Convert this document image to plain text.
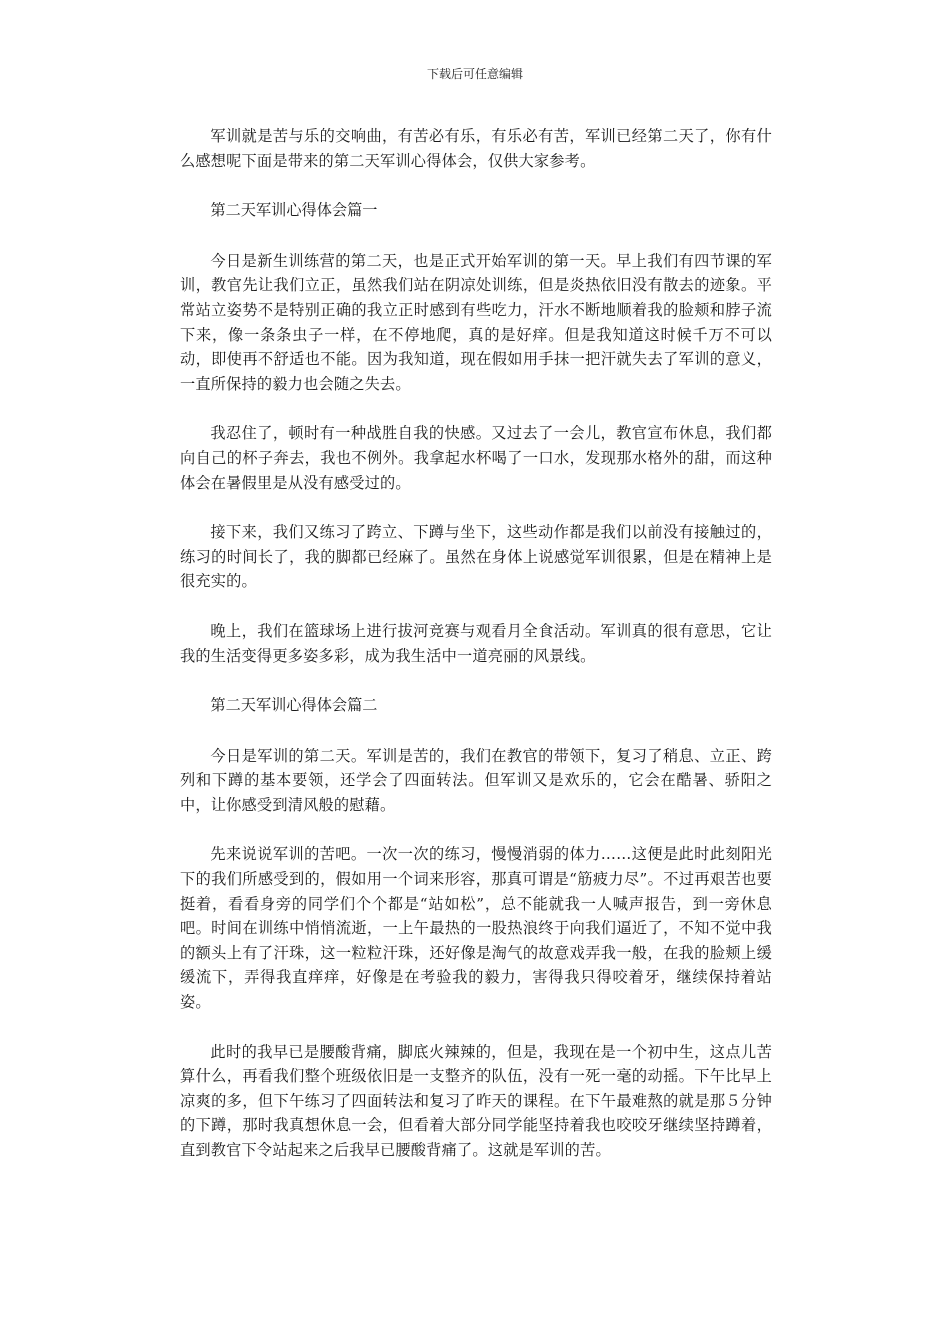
下载后可任意编辑

军训就是苦与乐的交响曲，有苦必有乐，有乐必有苦，军训已经第二天了，你有什么感想呢下面是带来的第二天军训心得体会，仅供大家参考。

第二天军训心得体会篇一

今日是新生训练营的第二天，也是正式开始军训的第一天。早上我们有四节课的军训，教官先让我们立正，虽然我们站在阴凉处训练，但是炎热依旧没有散去的迹象。平常站立姿势不是特别正确的我立正时感到有些吃力，汗水不断地顺着我的脸颊和脖子流下来，像一条条虫子一样，在不停地爬，真的是好痒。但是我知道这时候千万不可以动，即使再不舒适也不能。因为我知道，现在假如用手抹一把汗就失去了军训的意义，一直所保持的毅力也会随之失去。

我忍住了，顿时有一种战胜自我的快感。又过去了一会儿，教官宣布休息，我们都向自己的杯子奔去，我也不例外。我拿起水杯喝了一口水，发现那水格外的甜，而这种体会在暑假里是从没有感受过的。

接下来，我们又练习了跨立、下蹲与坐下，这些动作都是我们以前没有接触过的，练习的时间长了，我的脚都已经麻了。虽然在身体上说感觉军训很累，但是在精神上是很充实的。

晚上，我们在篮球场上进行拔河竞赛与观看月全食活动。军训真的很有意思，它让我的生活变得更多姿多彩，成为我生活中一道亮丽的风景线。

第二天军训心得体会篇二

今日是军训的第二天。军训是苦的，我们在教官的带领下，复习了稍息、立正、跨列和下蹲的基本要领，还学会了四面转法。但军训又是欢乐的，它会在酷暑、骄阳之中，让你感受到清风般的慰藉。

先来说说军训的苦吧。一次一次的练习，慢慢消弱的体力……这便是此时此刻阳光下的我们所感受到的，假如用一个词来形容，那真可谓是“筋疲力尽”。不过再艰苦也要挺着，看看身旁的同学们个个都是“站如松”，总不能就我一人喊声报告，到一旁休息吧。时间在训练中悄悄流逝，一上午最热的一股热浪终于向我们逼近了，不知不觉中我的额头上有了汗珠，这一粒粒汗珠，还好像是淘气的故意戏弄我一般，在我的脸颊上缓缓流下，弄得我直痒痒，好像是在考验我的毅力，害得我只得咬着牙，继续保持着站姿。

此时的我早已是腰酸背痛，脚底火辣辣的，但是，我现在是一个初中生，这点儿苦算什么，再看我们整个班级依旧是一支整齐的队伍，没有一死一毫的动摇。下午比早上凉爽的多，但下午练习了四面转法和复习了昨天的课程。在下午最难熬的就是那５分钟的下蹲，那时我真想休息一会，但看着大部分同学能坚持着我也咬咬牙继续坚持蹲着，直到教官下令站起来之后我早已腰酸背痛了。这就是军训的苦。
